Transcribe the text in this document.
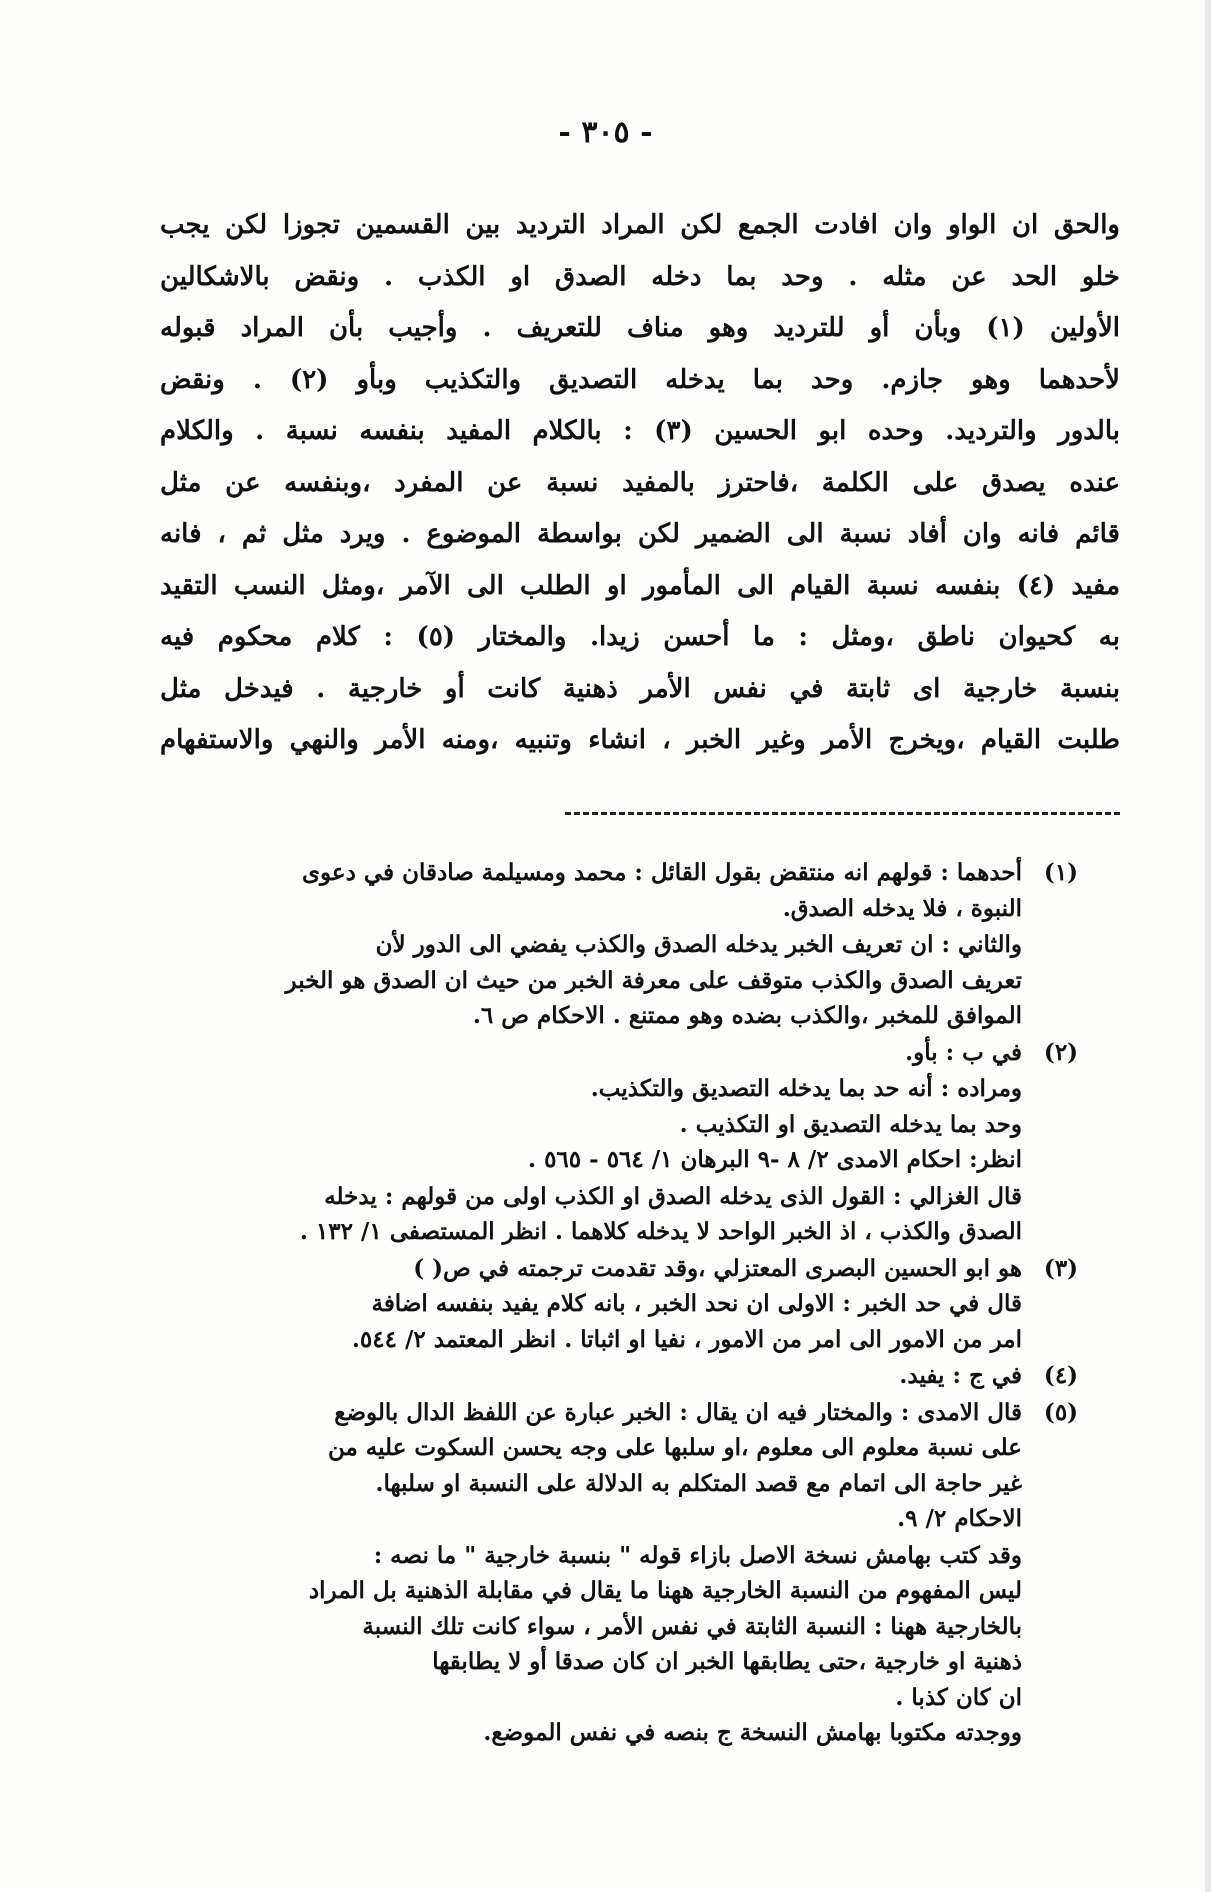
- ٣٠٥ -
والحق ان الواو وان افادت الجمع لكن المراد الترديد بين القسمين تجوزا لكن يجب
خلو الحد عن مثله . وحد بما دخله الصدق او الكذب . ونقض بالاشكالين
الأولين (١) وبأن أو للترديد وهو مناف للتعريف . وأجيب بأن المراد قبوله
لأحدهما وهو جازم. وحد بما يدخله التصديق والتكذيب وبأو (٢) . ونقض
بالدور والترديد. وحده ابو الحسين (٣) : بالكلام المفيد بنفسه نسبة . والكلام
عنده يصدق على الكلمة ،فاحترز بالمفيد نسبة عن المفرد ،وبنفسه عن مثل
قائم فانه وان أفاد نسبة الى الضمير لكن بواسطة الموضوع . ويرد مثل ثم ، فانه
مفيد (٤) بنفسه نسبة القيام الى المأمور او الطلب الى الآمر ،ومثل النسب التقيد
به كحيوان ناطق ،ومثل : ما أحسن زيدا. والمختار (٥) : كلام محكوم فيه
بنسبة خارجية اى ثابتة في نفس الأمر ذهنية كانت أو خارجية . فيدخل مثل
طلبت القيام ،ويخرج الأمر وغير الخبر ، انشاء وتنبيه ،ومنه الأمر والنهي والاستفهام
(١)
أحدهما : قولهم انه منتقض بقول القائل : محمد ومسيلمة صادقان في دعوى
النبوة ، فلا يدخله الصدق.
والثاني : ان تعريف الخبر يدخله الصدق والكذب يفضي الى الدور لأن
تعريف الصدق والكذب متوقف على معرفة الخبر من حيث ان الصدق هو الخبر
الموافق للمخبر ،والكذب بضده وهو ممتنع . الاحكام ص ٦.
(٢)
في ب : بأو.
ومراده : أنه حد بما يدخله التصديق والتكذيب.
وحد بما يدخله التصديق او التكذيب .
انظر: احكام الامدى ٢/ ٨ -٩ البرهان ١/ ٥٦٤ - ٥٦٥ .
قال الغزالي : القول الذى يدخله الصدق او الكذب اولى من قولهم : يدخله
الصدق والكذب ، اذ الخبر الواحد لا يدخله كلاهما . انظر المستصفى ١/ ١٣٢ .
(٣)
هو ابو الحسين البصرى المعتزلي ،وقد تقدمت ترجمته في ص( )
قال في حد الخبر : الاولى ان نحد الخبر ، بانه كلام يفيد بنفسه اضافة
امر من الامور الى امر من الامور ، نفيا او اثباتا . انظر المعتمد ٢/ ٥٤٤.
(٤)
في ج : يفيد.
(٥)
قال الامدى : والمختار فيه ان يقال : الخبر عبارة عن اللفظ الدال بالوضع
على نسبة معلوم الى معلوم ،او سلبها على وجه يحسن السكوت عليه من
غير حاجة الى اتمام مع قصد المتكلم به الدلالة على النسبة او سلبها.
الاحكام ٢/ ٩.
وقد كتب بهامش نسخة الاصل بازاء قوله " بنسبة خارجية " ما نصه :
ليس المفهوم من النسبة الخارجية ههنا ما يقال في مقابلة الذهنية بل المراد
بالخارجية ههنا : النسبة الثابتة في نفس الأمر ، سواء كانت تلك النسبة
ذهنية او خارجية ،حتى يطابقها الخبر ان كان صدقا أو لا يطابقها
ان كان كذبا .
ووجدته مكتوبا بهامش النسخة ج بنصه في نفس الموضع.
